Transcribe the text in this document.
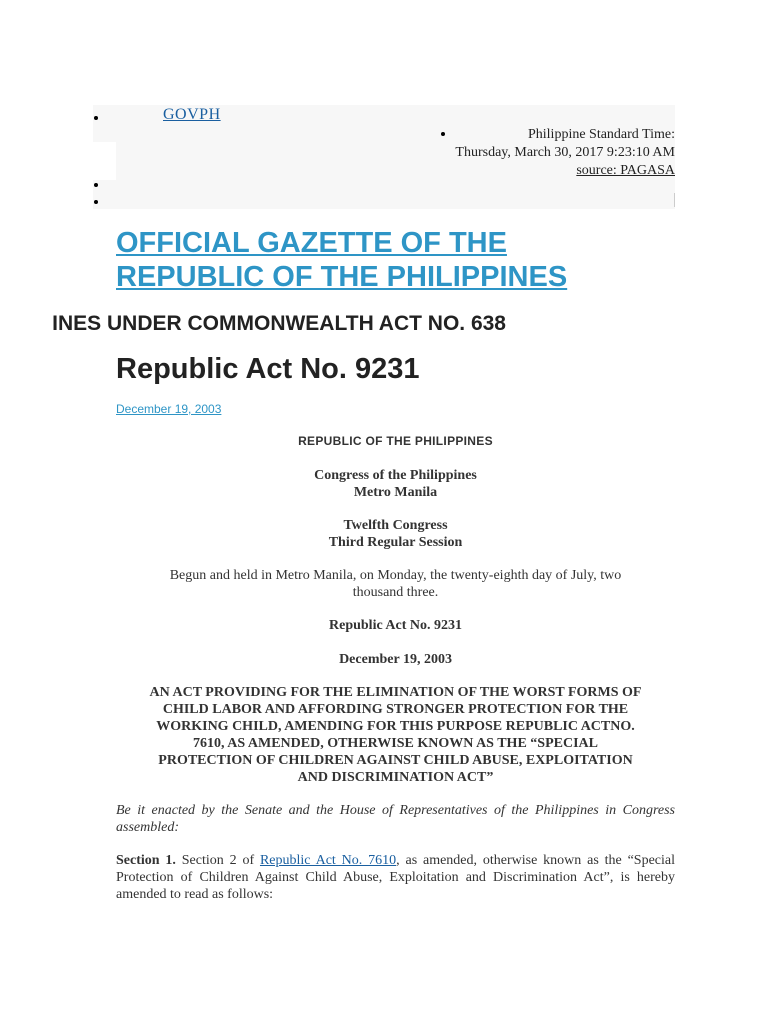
GOVPH
Philippine Standard Time:
Thursday, March 30, 2017 9:23:10 AM
source: PAGASA
OFFICIAL GAZETTE OF THE
REPUBLIC OF THE PHILIPPINES
INES UNDER COMMONWEALTH ACT NO. 638
Republic Act No. 9231
December 19, 2003

REPUBLIC OF THE PHILIPPINES

Congress of the Philippines

Metro Manila

Twelfth Congress

Third Regular Session

Begun and held in Metro Manila, on Monday, the twenty-eighth day of July, two
thousand three.

Republic Act No. 9231

December 19, 2003

AN ACT PROVIDING FOR THE ELIMINATION OF THE WORST FORMS OF
CHILD LABOR AND AFFORDING STRONGER PROTECTION FOR THE
WORKING CHILD, AMENDING FOR THIS PURPOSE REPUBLIC ACTNO.
7610, AS AMENDED, OTHERWISE KNOWN AS THE “SPECIAL
PROTECTION OF CHILDREN AGAINST CHILD ABUSE, EXPLOITATION
AND DISCRIMINATION ACT”

Be it enacted by the Senate and the House of Representatives of the Philippines in Congress assembled:

Section 1. Section 2 of Republic Act No. 7610, as amended, otherwise known as the “Special Protection of Children Against Child Abuse, Exploitation and Discrimination Act”, is hereby amended to read as follows:
